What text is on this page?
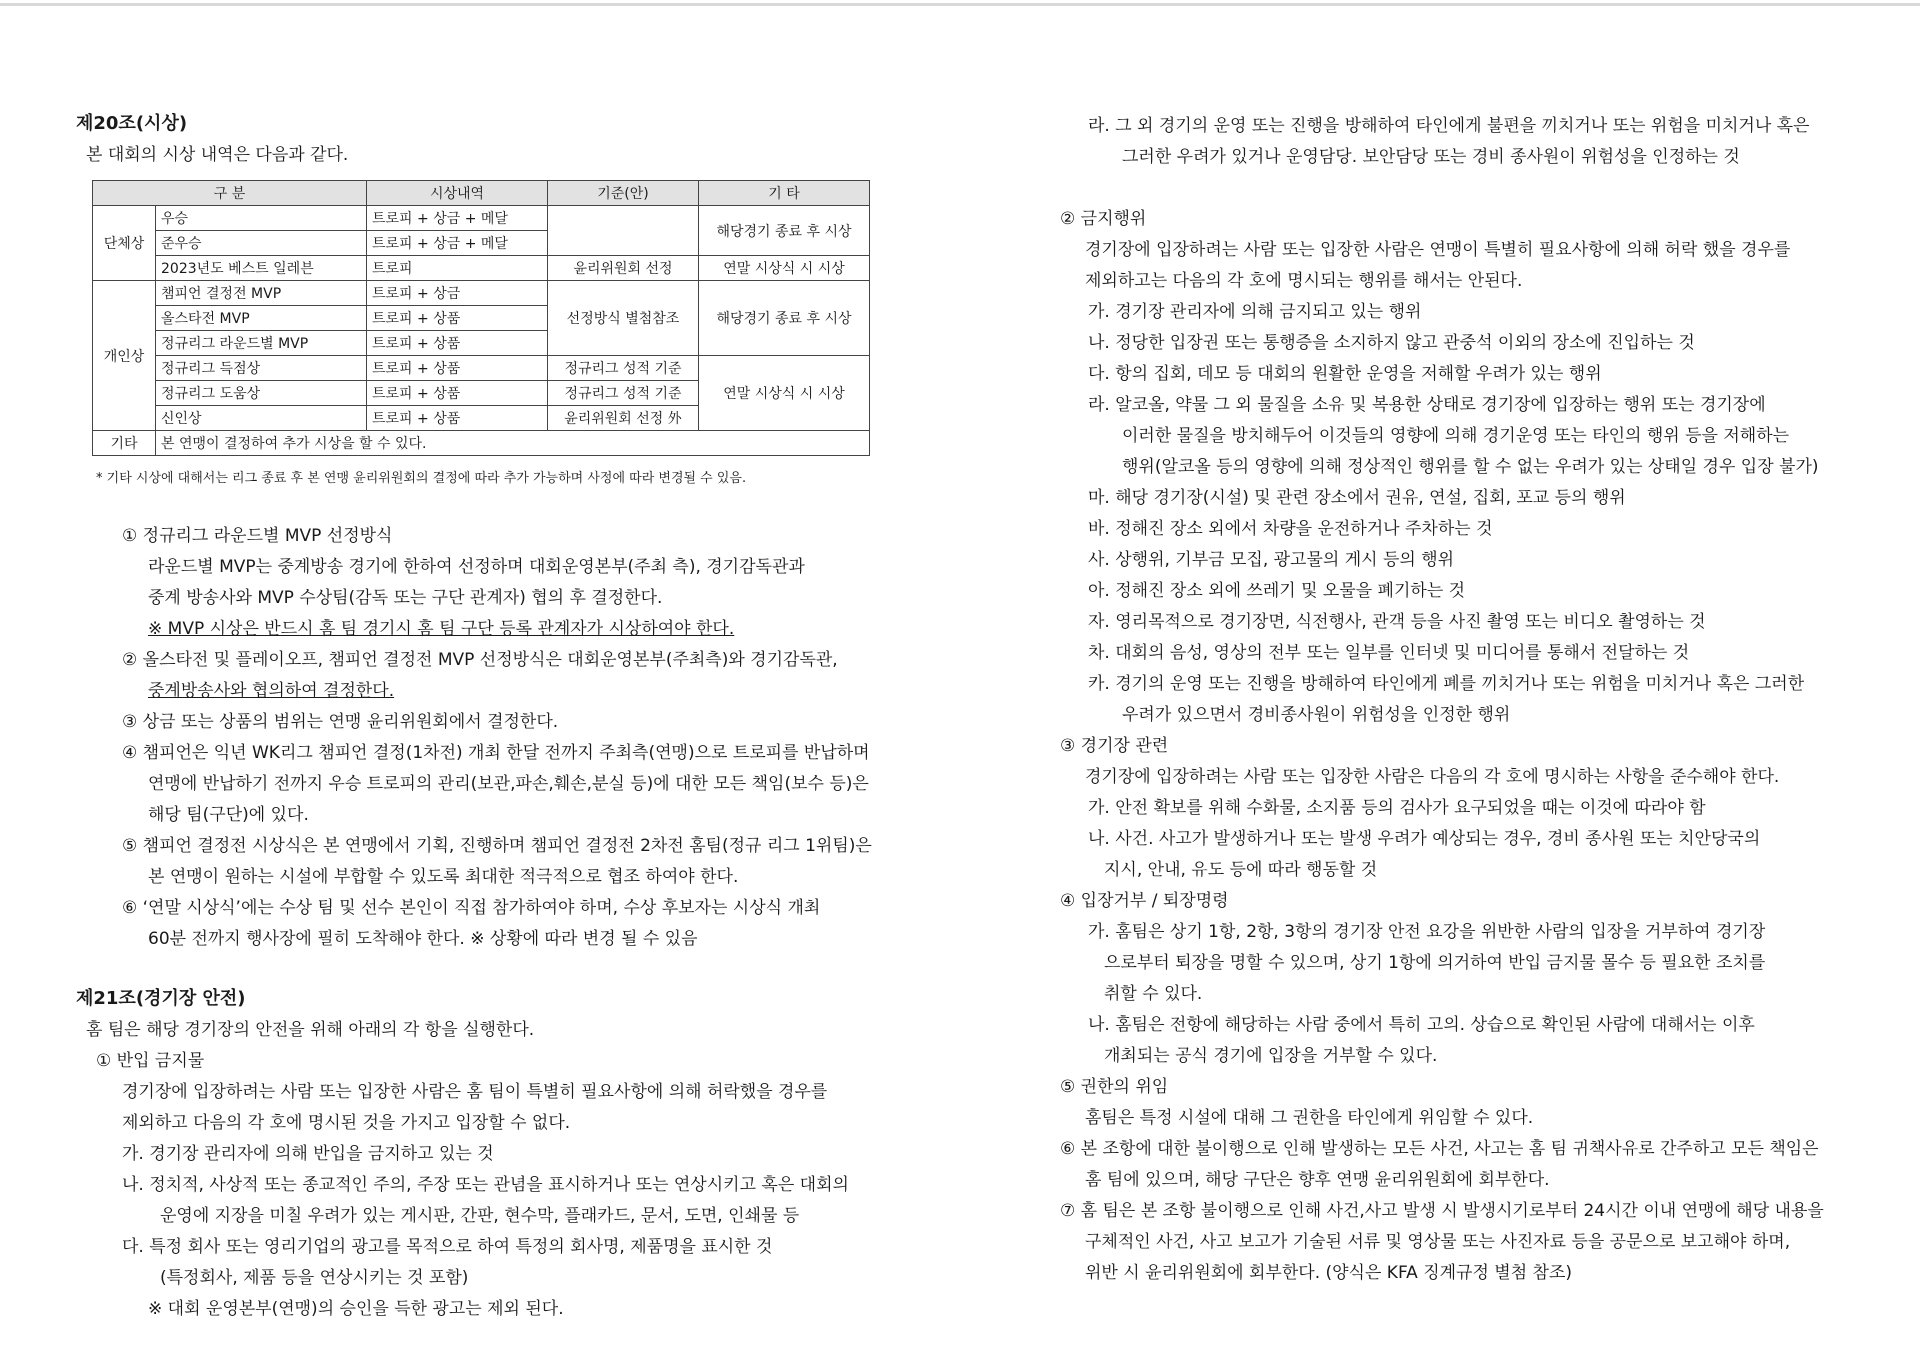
제20조(시상)
본 대회의 시상 내역은 다음과 같다.
구 분		시상내역	기준(안)	기 타
단체상	우승	트로피 + 상금 + 메달		해당경기 종료 후 시상
	준우승	트로피 + 상금 + 메달		
	2023년도 베스트 일레븐	트로피	윤리위원회 선정	연말 시상식 시 시상
개인상	챔피언 결정전 MVP	트로피 + 상금	선정방식 별첨참조	해당경기 종료 후 시상
	올스타전 MVP	트로피 + 상품		
	정규리그 라운드별 MVP	트로피 + 상품		
	정규리그 득점상	트로피 + 상품	정규리그 성적 기준	연말 시상식 시 시상
	정규리그 도움상	트로피 + 상품	정규리그 성적 기준	
	신인상	트로피 + 상품	윤리위원회 선정 外	
기타	본 연맹이 결정하여 추가 시상을 할 수 있다.			
* 기타 시상에 대해서는 리그 종료 후 본 연맹 윤리위원회의 결정에 따라 추가 가능하며 사정에 따라 변경될 수 있음.
① 정규리그 라운드별 MVP 선정방식
라운드별 MVP는 중계방송 경기에 한하여 선정하며 대회운영본부(주최 측), 경기감독관과
중계 방송사와 MVP 수상팀(감독 또는 구단 관계자) 협의 후 결정한다.
※ MVP 시상은 반드시 홈 팀 경기시 홈 팀 구단 등록 관계자가 시상하여야 한다.
② 올스타전 및 플레이오프, 챔피언 결정전 MVP 선정방식은 대회운영본부(주최측)와 경기감독관,
중계방송사와 협의하여 결정한다.
③ 상금 또는 상품의 범위는 연맹 윤리위원회에서 결정한다.
④ 챔피언은 익년 WK리그 챔피언 결정(1차전) 개최 한달 전까지 주최측(연맹)으로 트로피를 반납하며
연맹에 반납하기 전까지 우승 트로피의 관리(보관,파손,훼손,분실 등)에 대한 모든 책임(보수 등)은
해당 팀(구단)에 있다.
⑤ 챔피언 결정전 시상식은 본 연맹에서 기획, 진행하며 챔피언 결정전 2차전 홈팀(정규 리그 1위팀)은
본 연맹이 원하는 시설에 부합할 수 있도록 최대한 적극적으로 협조 하여야 한다.
⑥ ‘연말 시상식’에는 수상 팀 및 선수 본인이 직접 참가하여야 하며, 수상 후보자는 시상식 개최
60분 전까지 행사장에 필히 도착해야 한다. ※ 상황에 따라 변경 될 수 있음
제21조(경기장 안전)
홈 팀은 해당 경기장의 안전을 위해 아래의 각 항을 실행한다.
① 반입 금지물
경기장에 입장하려는 사람 또는 입장한 사람은 홈 팀이 특별히 필요사항에 의해 허락했을 경우를
제외하고 다음의 각 호에 명시된 것을 가지고 입장할 수 없다.
가. 경기장 관리자에 의해 반입을 금지하고 있는 것
나. 정치적, 사상적 또는 종교적인 주의, 주장 또는 관념을 표시하거나 또는 연상시키고 혹은 대회의
운영에 지장을 미칠 우려가 있는 게시판, 간판, 현수막, 플래카드, 문서, 도면, 인쇄물 등
다. 특정 회사 또는 영리기업의 광고를 목적으로 하여 특정의 회사명, 제품명을 표시한 것
(특정회사, 제품 등을 연상시키는 것 포함)
※ 대회 운영본부(연맹)의 승인을 득한 광고는 제외 된다.
라. 그 외 경기의 운영 또는 진행을 방해하여 타인에게 불편을 끼치거나 또는 위험을 미치거나 혹은
그러한 우려가 있거나 운영담당. 보안담당 또는 경비 종사원이 위험성을 인정하는 것
② 금지행위
경기장에 입장하려는 사람 또는 입장한 사람은 연맹이 특별히 필요사항에 의해 허락 했을 경우를
제외하고는 다음의 각 호에 명시되는 행위를 해서는 안된다.
가. 경기장 관리자에 의해 금지되고 있는 행위
나. 정당한 입장권 또는 통행증을 소지하지 않고 관중석 이외의 장소에 진입하는 것
다. 항의 집회, 데모 등 대회의 원활한 운영을 저해할 우려가 있는 행위
라. 알코올, 약물 그 외 물질을 소유 및 복용한 상태로 경기장에 입장하는 행위 또는 경기장에
이러한 물질을 방치해두어 이것들의 영향에 의해 경기운영 또는 타인의 행위 등을 저해하는
행위(알코올 등의 영향에 의해 정상적인 행위를 할 수 없는 우려가 있는 상태일 경우 입장 불가)
마. 해당 경기장(시설) 및 관련 장소에서 권유, 연설, 집회, 포교 등의 행위
바. 정해진 장소 외에서 차량을 운전하거나 주차하는 것
사. 상행위, 기부금 모집, 광고물의 게시 등의 행위
아. 정해진 장소 외에 쓰레기 및 오물을 폐기하는 것
자. 영리목적으로 경기장면, 식전행사, 관객 등을 사진 촬영 또는 비디오 촬영하는 것
차. 대회의 음성, 영상의 전부 또는 일부를 인터넷 및 미디어를 통해서 전달하는 것
카. 경기의 운영 또는 진행을 방해하여 타인에게 폐를 끼치거나 또는 위험을 미치거나 혹은 그러한
우려가 있으면서 경비종사원이 위험성을 인정한 행위
③ 경기장 관련
경기장에 입장하려는 사람 또는 입장한 사람은 다음의 각 호에 명시하는 사항을 준수해야 한다.
가. 안전 확보를 위해 수화물, 소지품 등의 검사가 요구되었을 때는 이것에 따라야 함
나. 사건. 사고가 발생하거나 또는 발생 우려가 예상되는 경우, 경비 종사원 또는 치안당국의
지시, 안내, 유도 등에 따라 행동할 것
④ 입장거부 / 퇴장명령
가. 홈팀은 상기 1항, 2항, 3항의 경기장 안전 요강을 위반한 사람의 입장을 거부하여 경기장
으로부터 퇴장을 명할 수 있으며, 상기 1항에 의거하여 반입 금지물 몰수 등 필요한 조치를
취할 수 있다.
나. 홈팀은 전항에 해당하는 사람 중에서 특히 고의. 상습으로 확인된 사람에 대해서는 이후
개최되는 공식 경기에 입장을 거부할 수 있다.
⑤ 권한의 위임
홈팀은 특정 시설에 대해 그 권한을 타인에게 위임할 수 있다.
⑥ 본 조항에 대한 불이행으로 인해 발생하는 모든 사건, 사고는 홈 팀 귀책사유로 간주하고 모든 책임은
홈 팀에 있으며, 해당 구단은 향후 연맹 윤리위원회에 회부한다.
⑦ 홈 팀은 본 조항 불이행으로 인해 사건,사고 발생 시 발생시기로부터 24시간 이내 연맹에 해당 내용을
구체적인 사건, 사고 보고가 기술된 서류 및 영상물 또는 사진자료 등을 공문으로 보고해야 하며,
위반 시 윤리위원회에 회부한다. (양식은 KFA 징계규정 별첨 참조)
